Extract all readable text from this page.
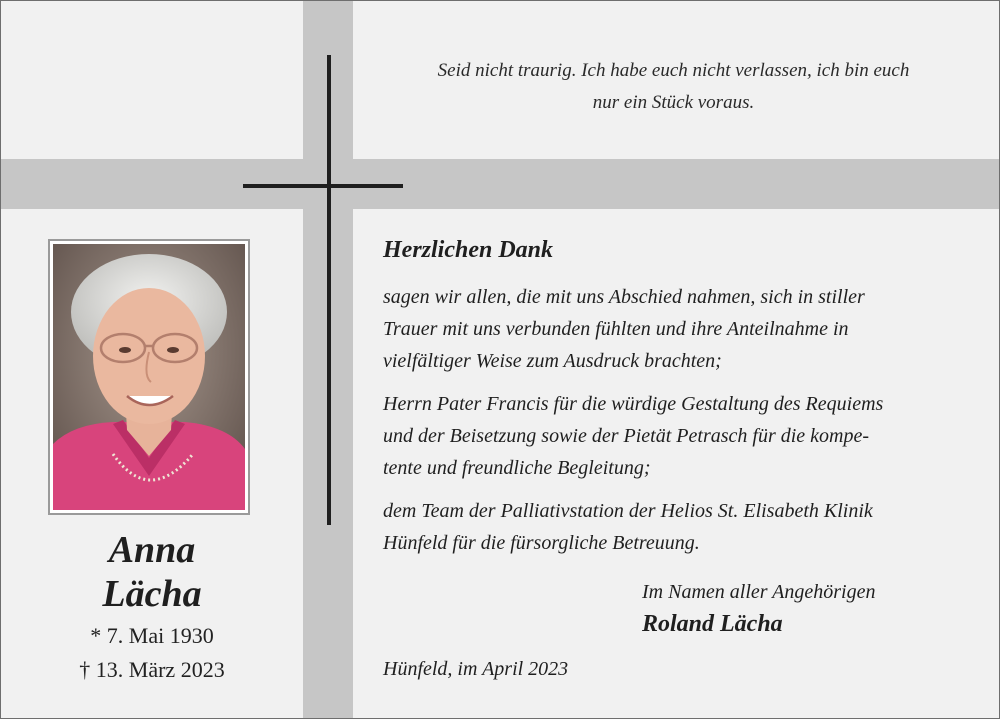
Seid nicht traurig. Ich habe euch nicht verlassen, ich bin euch
nur ein Stück voraus.
Anna
Lächa
* 7. Mai 1930
† 13. März 2023
Herzlichen Dank
sagen wir allen, die mit uns Abschied nahmen, sich in stiller
Trauer mit uns verbunden fühlten und ihre Anteilnahme in
vielfältiger Weise zum Ausdruck brachten;
Herrn Pater Francis für die würdige Gestaltung des Requiems
und der Beisetzung sowie der Pietät Petrasch für die kompe-
tente und freundliche Begleitung;
dem Team der Palliativstation der Helios St. Elisabeth Klinik
Hünfeld für die fürsorgliche Betreuung.
Im Namen aller Angehörigen
Roland Lächa
Hünfeld, im April 2023
